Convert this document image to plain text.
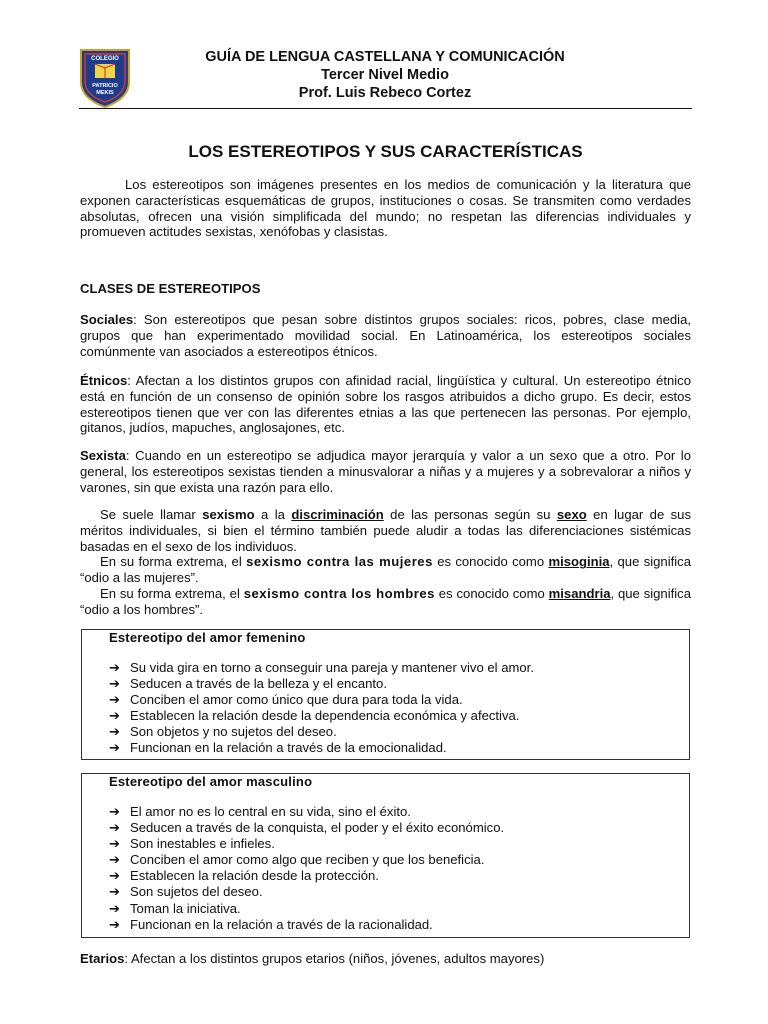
COLEGIO
PATRICIO
MEKIS
GUÍA DE LENGUA CASTELLANA Y COMUNICACIÓN
Tercer Nivel Medio
Prof. Luis Rebeco Cortez
LOS ESTEREOTIPOS Y SUS CARACTERÍSTICAS

Los estereotipos son imágenes presentes en los medios de comunicación y la literatura que exponen características esquemáticas de grupos, instituciones o cosas. Se transmiten como verdades absolutas, ofrecen una visión simplificada del mundo; no respetan las diferencias individuales y promueven actitudes sexistas, xenófobas y clasistas.

CLASES DE ESTEREOTIPOS

Sociales: Son estereotipos que pesan sobre distintos grupos sociales: ricos, pobres, clase media, grupos que han experimentado movilidad social. En Latinoamérica, los estereotipos sociales comúnmente van asociados a estereotipos étnicos.

Étnicos: Afectan a los distintos grupos con afinidad racial, lingüística y cultural. Un estereotipo étnico está en función de un consenso de opinión sobre los rasgos atribuidos a dicho grupo. Es decir, estos estereotipos tienen que ver con las diferentes etnias a las que pertenecen las personas. Por ejemplo, gitanos, judíos, mapuches, anglosajones, etc.

Sexista: Cuando en un estereotipo se adjudica mayor jerarquía y valor a un sexo que a otro. Por lo general, los estereotipos sexistas tienden a minusvalorar a niñas y a mujeres y a sobrevalorar a niños y varones, sin que exista una razón para ello.

Se suele llamar sexismo a la discriminación de las personas según su sexo en lugar de sus méritos individuales, si bien el término también puede aludir a todas las diferenciaciones sistémicas basadas en el sexo de los individuos.

En su forma extrema, el sexismo contra las mujeres es conocido como misoginia, que significa “odio a las mujeres”.

En su forma extrema, el sexismo contra los hombres es conocido como misandria, que significa “odio a los hombres”.

Estereotipo del amor femenino
➔ Su vida gira en torno a conseguir una pareja y mantener vivo el amor.
➔ Seducen a través de la belleza y el encanto.
➔ Conciben el amor como único que dura para toda la vida.
➔ Establecen la relación desde la dependencia económica y afectiva.
➔ Son objetos y no sujetos del deseo.
➔ Funcionan en la relación a través de la emocionalidad.
Estereotipo del amor masculino
➔ El amor no es lo central en su vida, sino el éxito.
➔ Seducen a través de la conquista, el poder y el éxito económico.
➔ Son inestables e infieles.
➔ Conciben el amor como algo que reciben y que los beneficia.
➔ Establecen la relación desde la protección.
➔ Son sujetos del deseo.
➔ Toman la iniciativa.
➔ Funcionan en la relación a través de la racionalidad.

Etarios: Afectan a los distintos grupos etarios (niños, jóvenes, adultos mayores)
